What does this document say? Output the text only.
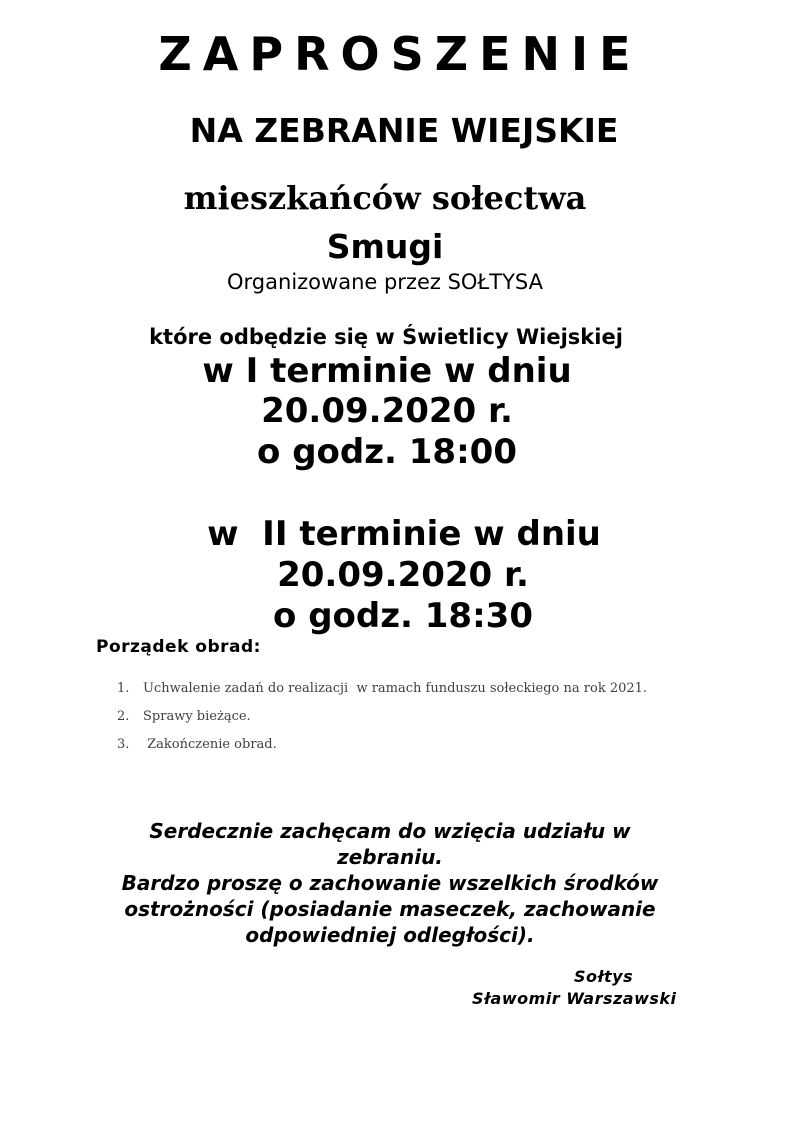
ZAPROSZENIE
NA ZEBRANIE WIEJSKIE

mieszkańców sołectwa

Smugi

Organizowane przez SOŁTYSA

które odbędzie się w Świetlicy Wiejskiej

w I terminie w dniu

20.09.2020 r.

o godz. 18:00

w  II terminie w dniu

20.09.2020 r.

o godz. 18:30

Porządek obrad:

1. Uchwalenie zadań do realizacji  w ramach funduszu sołeckiego na rok 2021.
2. Sprawy bieżące.
3. Zakończenie obrad.
Serdecznie zachęcam do wzięcia udziału w
zebraniu.
Bardzo proszę o zachowanie wszelkich środków
ostrożności (posiadanie maseczek, zachowanie
odpowiedniej odległości).

Sołtys

Sławomir Warszawski
